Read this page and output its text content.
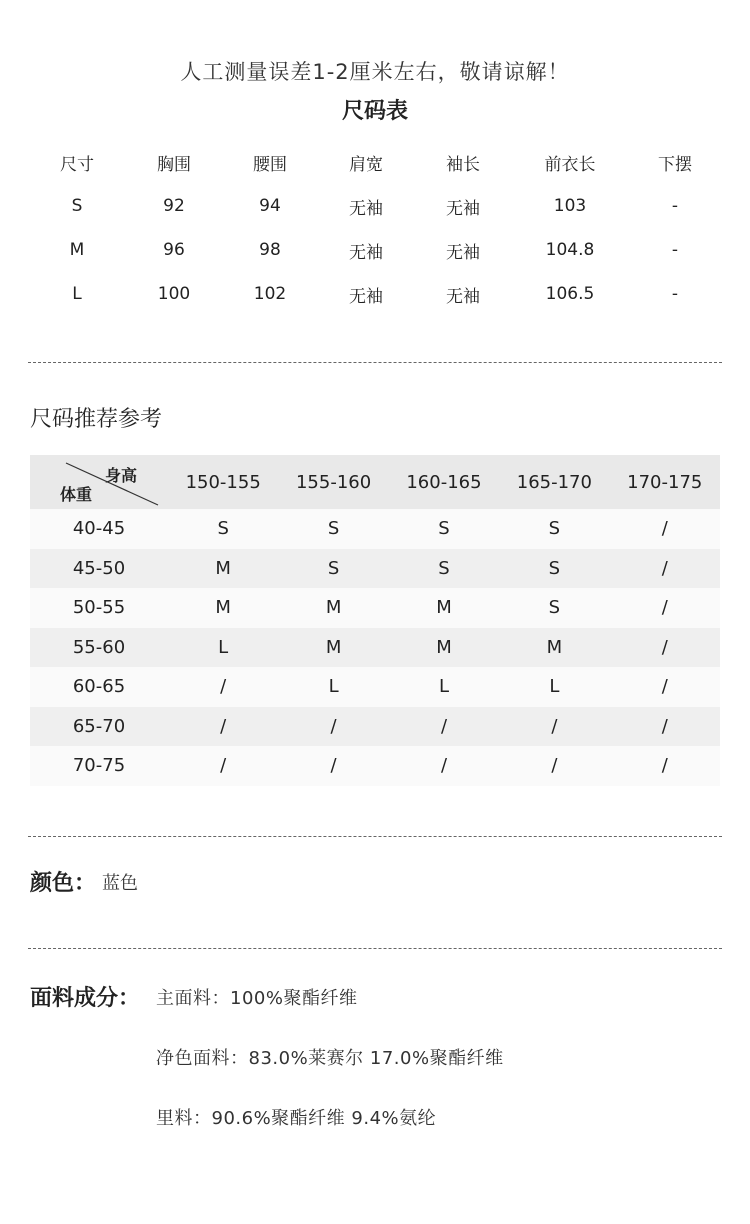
人工测量误差1-2厘米左右，敬请谅解！
尺码表
尺寸	胸围	腰围	肩宽	袖长	前衣长	下摆
S	92	94	无袖	无袖	103	-
M	96	98	无袖	无袖	104.8	-
L	100	102	无袖	无袖	106.5	-
尺码推荐参考
身高
体重
150-155	155-160	160-165	165-170	170-175
40-45	S	S	S	S	/
45-50	M	S	S	S	/
50-55	M	M	M	S	/
55-60	L	M	M	M	/
60-65	/	L	L	L	/
65-70	/	/	/	/	/
70-75	/	/	/	/	/
颜色： 蓝色
面料成分： 主面料：100%聚酯纤维
净色面料：83.0%莱赛尔 17.0%聚酯纤维
里料：90.6%聚酯纤维 9.4%氨纶
